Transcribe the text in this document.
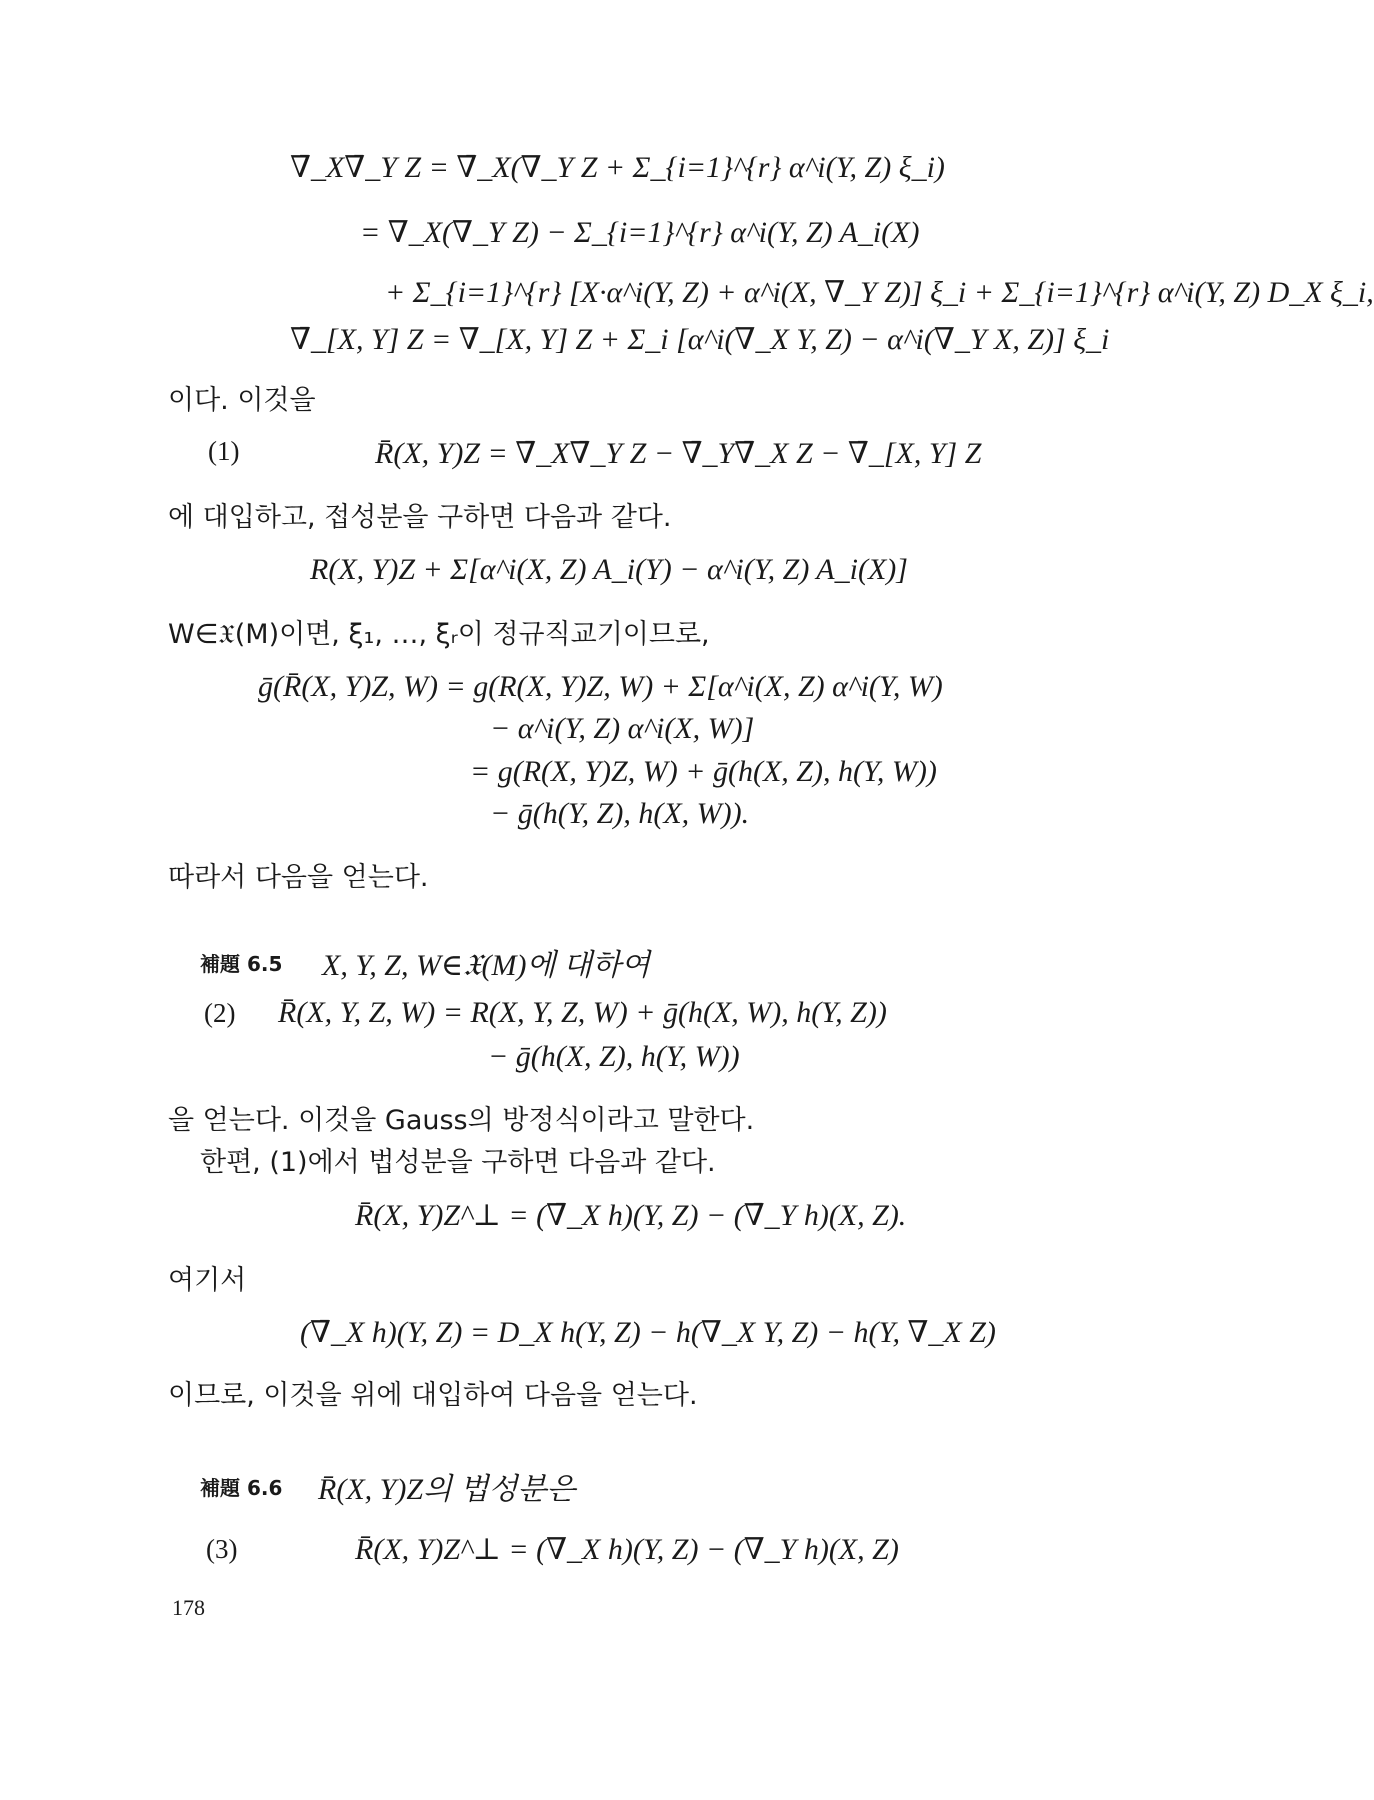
∇̄_X∇̄_Y Z = ∇̄_X(∇_Y Z + Σ_{i=1}^{r} α^i(Y, Z) ξ_i)
= ∇_X(∇_Y Z) − Σ_{i=1}^{r} α^i(Y, Z) A_i(X)
+ Σ_{i=1}^{r} [X·α^i(Y, Z) + α^i(X, ∇_Y Z)] ξ_i + Σ_{i=1}^{r} α^i(Y, Z) D_X ξ_i,
∇̄_[X, Y] Z = ∇_[X, Y] Z + Σ_i [α^i(∇_X Y, Z) − α^i(∇_Y X, Z)] ξ_i
이다. 이것을
(1)	R̄(X, Y)Z = ∇̄_X∇̄_Y Z − ∇̄_Y∇̄_X Z − ∇̄_[X, Y] Z
에 대입하고, 접성분을 구하면 다음과 같다.
R(X, Y)Z + Σ[α^i(X, Z) A_i(Y) − α^i(Y, Z) A_i(X)]
W∈𝔛(M)이면, ξ₁, …, ξᵣ이 정규직교기이므로,
ḡ(R̄(X, Y)Z, W) = g(R(X, Y)Z, W) + Σ[α^i(X, Z) α^i(Y, W)
− α^i(Y, Z) α^i(X, W)]
= g(R(X, Y)Z, W) + ḡ(h(X, Z), h(Y, W))
− ḡ(h(Y, Z), h(X, W)).
따라서 다음을 얻는다.
補題 6.5 X, Y, Z, W∈𝔛(M)에 대하여
(2) R̄(X, Y, Z, W) = R(X, Y, Z, W) + ḡ(h(X, W), h(Y, Z))
− ḡ(h(X, Z), h(Y, W))
을 얻는다. 이것을 Gauss의 방정식이라고 말한다.
한편, (1)에서 법성분을 구하면 다음과 같다.
R̄(X, Y)Z^⊥ = (∇̄_X h)(Y, Z) − (∇̄_Y h)(X, Z).
여기서
(∇̄_X h)(Y, Z) = D_X h(Y, Z) − h(∇_X Y, Z) − h(Y, ∇_X Z)
이므로, 이것을 위에 대입하여 다음을 얻는다.
補題 6.6 R̄(X, Y)Z의 법성분은
(3)	R̄(X, Y)Z^⊥ = (∇_X h)(Y, Z) − (∇_Y h)(X, Z)
178
